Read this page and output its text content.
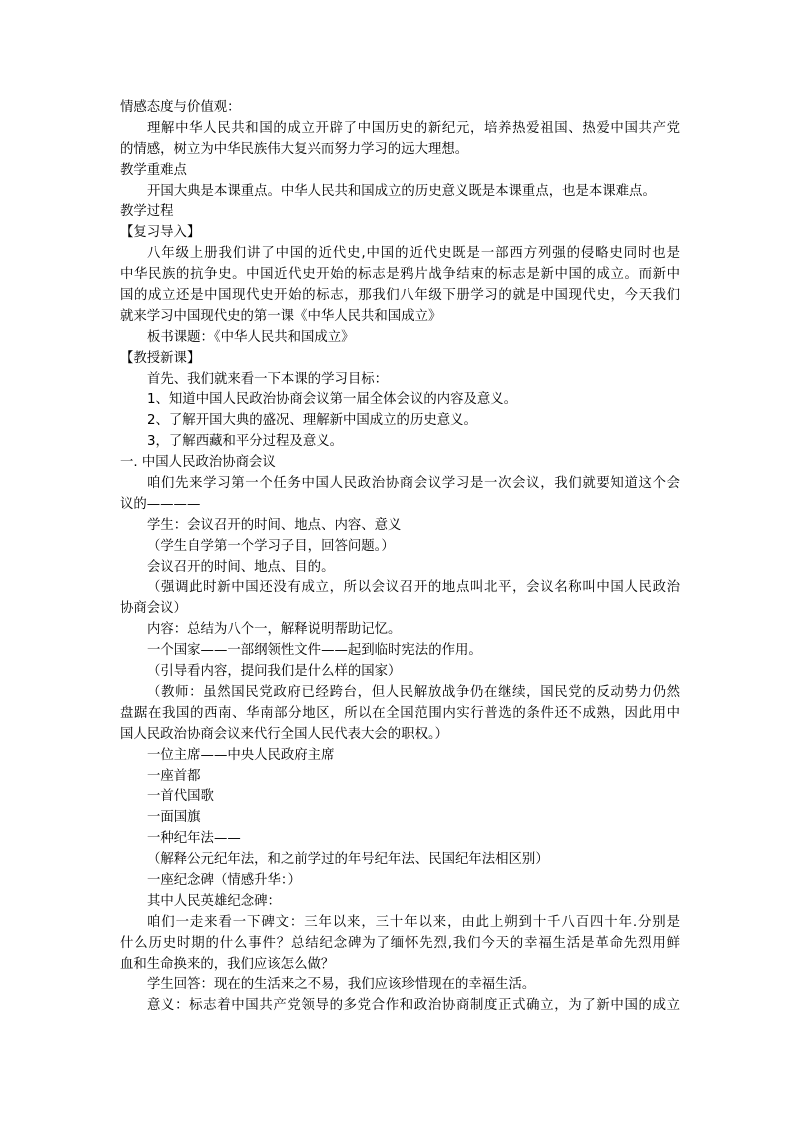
情感态度与价值观：
理解中华人民共和国的成立开辟了中国历史的新纪元，培养热爱祖国、热爱中国共产党
的情感，树立为中华民族伟大复兴而努力学习的远大理想。
教学重难点
开国大典是本课重点。中华人民共和国成立的历史意义既是本课重点，也是本课难点。
教学过程
【复习导入】
八年级上册我们讲了中国的近代史,中国的近代史既是一部西方列强的侵略史同时也是
中华民族的抗争史。中国近代史开始的标志是鸦片战争结束的标志是新中国的成立。而新中
国的成立还是中国现代史开始的标志，那我们八年级下册学习的就是中国现代史，今天我们
就来学习中国现代史的第一课《中华人民共和国成立》
板书课题：《中华人民共和国成立》
【教授新课】
首先、我们就来看一下本课的学习目标：
1、知道中国人民政治协商会议第一届全体会议的内容及意义。
2、了解开国大典的盛况、理解新中国成立的历史意义。
3，了解西藏和平分过程及意义。
一. 中国人民政治协商会议
咱们先来学习第一个任务中国人民政治协商会议学习是一次会议，我们就要知道这个会
议的————
学生：会议召开的时间、地点、内容、意义
（学生自学第一个学习子目，回答问题。）
会议召开的时间、地点、目的。
（强调此时新中国还没有成立，所以会议召开的地点叫北平，会议名称叫中国人民政治
协商会议）
内容：总结为八个一，解释说明帮助记忆。
一个国家——一部纲领性文件——起到临时宪法的作用。
（引导看内容，提问我们是什么样的国家）
（教师：虽然国民党政府已经跨台，但人民解放战争仍在继续，国民党的反动势力仍然
盘踞在我国的西南、华南部分地区，所以在全国范围内实行普选的条件还不成熟，因此用中
国人民政治协商会议来代行全国人民代表大会的职权。）
一位主席——中央人民政府主席
一座首都
一首代国歌
一面国旗
一种纪年法——
（解释公元纪年法，和之前学过的年号纪年法、民国纪年法相区别）
一座纪念碑（情感升华：）
其中人民英雄纪念碑：
咱们一走来看一下碑文：三年以来，三十年以来，由此上朔到十千八百四十年.分别是
什么历史时期的什么事件？总结纪念碑为了缅怀先烈,我们今天的幸福生活是革命先烈用鲜
血和生命换来的，我们应该怎么做？
学生回答：现在的生活来之不易，我们应该珍惜现在的幸福生活。
意义：标志着中国共产党领导的多党合作和政治协商制度正式确立，为了新中国的成立
